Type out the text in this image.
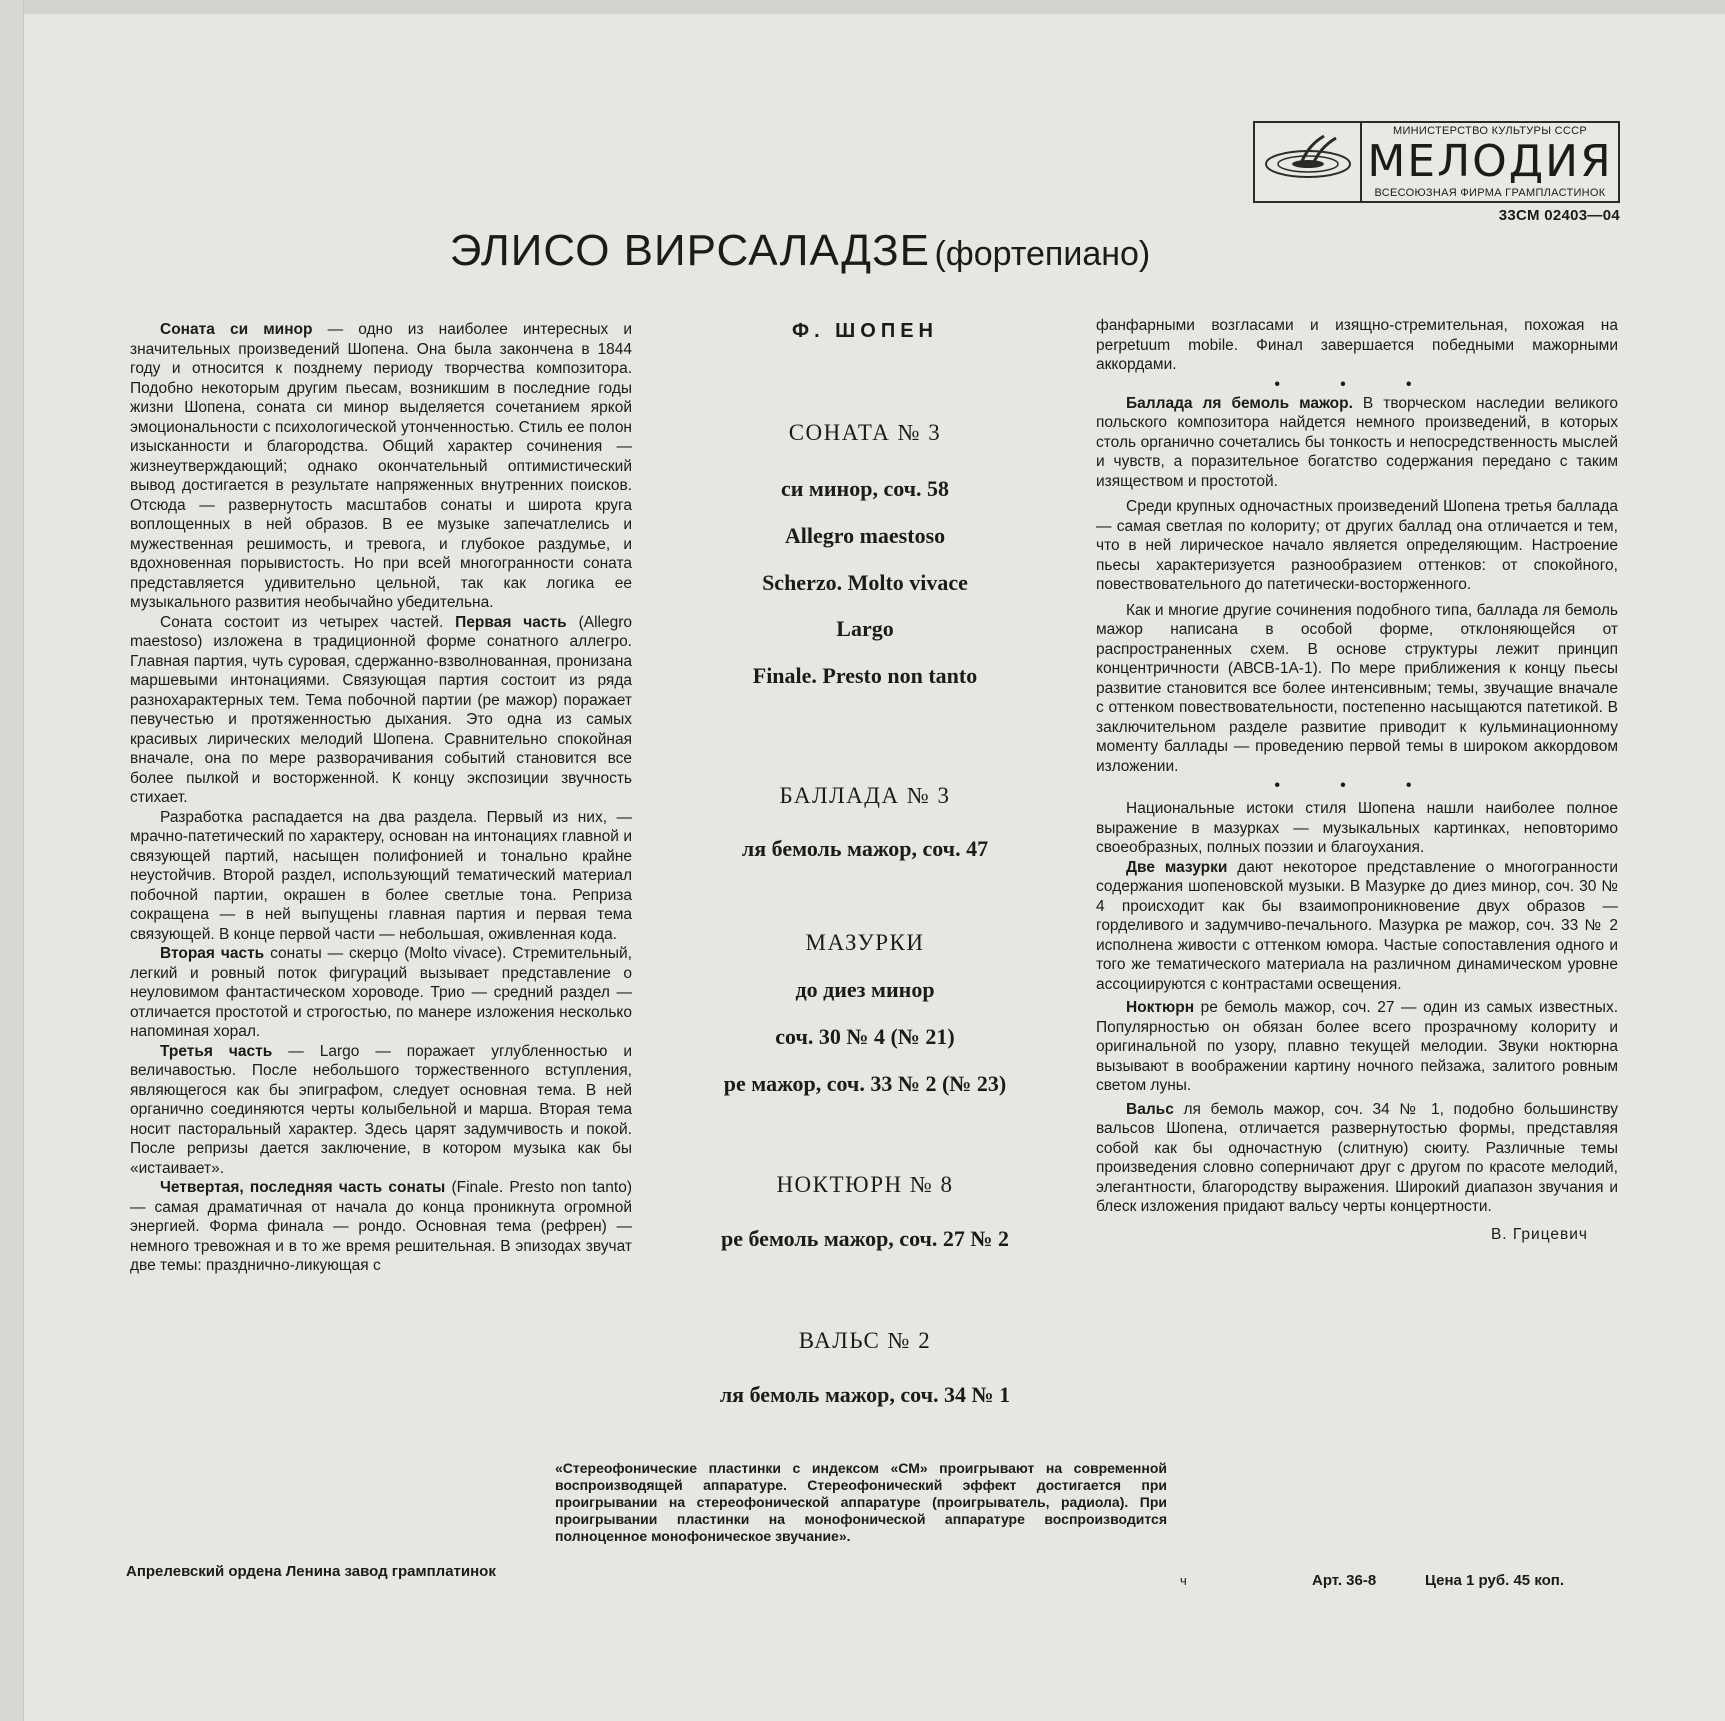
МИНИСТЕРСТВО КУЛЬТУРЫ СССР
МЕЛОДИЯ
ВСЕСОЮЗНАЯ ФИРМА ГРАМПЛАСТИНОК
33СМ 02403—04
ЭЛИСО ВИРСАЛАДЗЕ (фортепиано)

Соната си минор — одно из наиболее интересных и значительных произведений Шопена. Она была закончена в 1844 году и относится к позднему периоду творчества композитора. Подобно некоторым другим пьесам, возникшим в последние годы жизни Шопена, соната си минор выделяется сочетанием яркой эмоциональности с психологической утонченностью. Стиль ее полон изысканности и благородства. Общий характер сочинения — жизнеутверждающий; однако окончательный оптимистический вывод достигается в результате напряженных внутренних поисков. Отсюда — развернутость масштабов сонаты и широта круга воплощенных в ней образов. В ее музыке запечатлелись и мужественная решимость, и тревога, и глубокое раздумье, и вдохновенная порывистость. Но при всей многогранности соната представляется удивительно цельной, так как логика ее музыкального развития необычайно убедительна.

Соната состоит из четырех частей. Первая часть (Allegro maestoso) изложена в традиционной форме сонатного аллегро. Главная партия, чуть суровая, сдержанно-взволнованная, пронизана маршевыми интонациями. Связующая партия состоит из ряда разнохарактерных тем. Тема побочной партии (ре мажор) поражает певучестью и протяженностью дыхания. Это одна из самых красивых лирических мелодий Шопена. Сравнительно спокойная вначале, она по мере разворачивания событий становится все более пылкой и восторженной. К концу экспозиции звучность стихает.

Разработка распадается на два раздела. Первый из них, — мрачно-патетический по характеру, основан на интонациях главной и связующей партий, насыщен полифонией и тонально крайне неустойчив. Второй раздел, использующий тематический материал побочной партии, окрашен в более светлые тона. Реприза сокращена — в ней выпущены главная партия и первая тема связующей. В конце первой части — небольшая, оживленная кода.

Вторая часть сонаты — скерцо (Molto vivace). Стремительный, легкий и ровный поток фигураций вызывает представление о неуловимом фантастическом хороводе. Трио — средний раздел — отличается простотой и строгостью, по манере изложения несколько напоминая хорал.

Третья часть — Largo — поражает углубленностью и величавостью. После небольшого торжественного вступления, являющегося как бы эпиграфом, следует основная тема. В ней органично соединяются черты колыбельной и марша. Вторая тема носит пасторальный характер. Здесь царят задумчивость и покой. После репризы дается заключение, в котором музыка как бы «истаивает».

Четвертая, последняя часть сонаты (Finale. Presto non tanto) — самая драматичная от начала до конца проникнута огромной энергией. Форма финала — рондо. Основная тема (рефрен) — немного тревожная и в то же время решительная. В эпизодах звучат две темы: празднично-ликующая с

Ф. ШОПЕН
СОНАТА № 3
си минор, соч. 58
Allegro maestoso
Scherzo. Molto vivace
Largo
Finale. Presto non tanto
БАЛЛАДА № 3
ля бемоль мажор, соч. 47
МАЗУРКИ
до диез минор
соч. 30 № 4 (№ 21)
ре мажор, соч. 33 № 2 (№ 23)
НОКТЮРН № 8
ре бемоль мажор, соч. 27 № 2
ВАЛЬС № 2
ля бемоль мажор, соч. 34 № 1

фанфарными возгласами и изящно-стремительная, похожая на perpetuum mobile. Финал завершается победными мажорными аккордами.

• • •

Баллада ля бемоль мажор. В творческом наследии великого польского композитора найдется немного произведений, в которых столь органично сочетались бы тонкость и непосредственность мыслей и чувств, а поразительное богатство содержания передано с таким изяществом и простотой.

Среди крупных одночастных произведений Шопена третья баллада — самая светлая по колориту; от других баллад она отличается и тем, что в ней лирическое начало является определяющим. Настроение пьесы характеризуется разнообразием оттенков: от спокойного, повествовательного до патетически-восторженного.

Как и многие другие сочинения подобного типа, баллада ля бемоль мажор написана в особой форме, отклоняющейся от распространенных схем. В основе структуры лежит принцип концентричности (АВСВ-1А-1). По мере приближения к концу пьесы развитие становится все более интенсивным; темы, звучащие вначале с оттенком повествовательности, постепенно насыщаются патетикой. В заключительном разделе развитие приводит к кульминационному моменту баллады — проведению первой темы в широком аккордовом изложении.

• • •

Национальные истоки стиля Шопена нашли наиболее полное выражение в мазурках — музыкальных картинках, неповторимо своеобразных, полных поэзии и благоухания.

Две мазурки дают некоторое представление о многогранности содержания шопеновской музыки. В Мазурке до диез минор, соч. 30 № 4 происходит как бы взаимопроникновение двух образов — горделивого и задумчиво-печального. Мазурка ре мажор, соч. 33 № 2 исполнена живости с оттенком юмора. Частые сопоставления одного и того же тематического материала на различном динамическом уровне ассоциируются с контрастами освещения.

Ноктюрн ре бемоль мажор, соч. 27 — один из самых известных. Популярностью он обязан более всего прозрачному колориту и оригинальной по узору, плавно текущей мелодии. Звуки ноктюрна вызывают в воображении картину ночного пейзажа, залитого ровным светом луны.

Вальс ля бемоль мажор, соч. 34 № 1, подобно большинству вальсов Шопена, отличается развернутостью формы, представляя собой как бы одночастную (слитную) сюиту. Различные темы произведения словно соперничают друг с другом по красоте мелодий, элегантности, благородству выражения. Широкий диапазон звучания и блеск изложения придают вальсу черты концертности.

В. Грицевич

«Стереофонические пластинки с индексом «СМ» проигрывают на современной воспроизводящей аппаратуре. Стереофонический эффект достигается при проигрывании на стереофонической аппаратуре (проигрыватель, радиола). При проигрывании пластинки на монофонической аппаратуре воспроизводится полноценное монофоническое звучание».
Апрелевский ордена Ленина завод грамплатинок
ч	Арт. 36-8	Цена 1 руб. 45 коп.
